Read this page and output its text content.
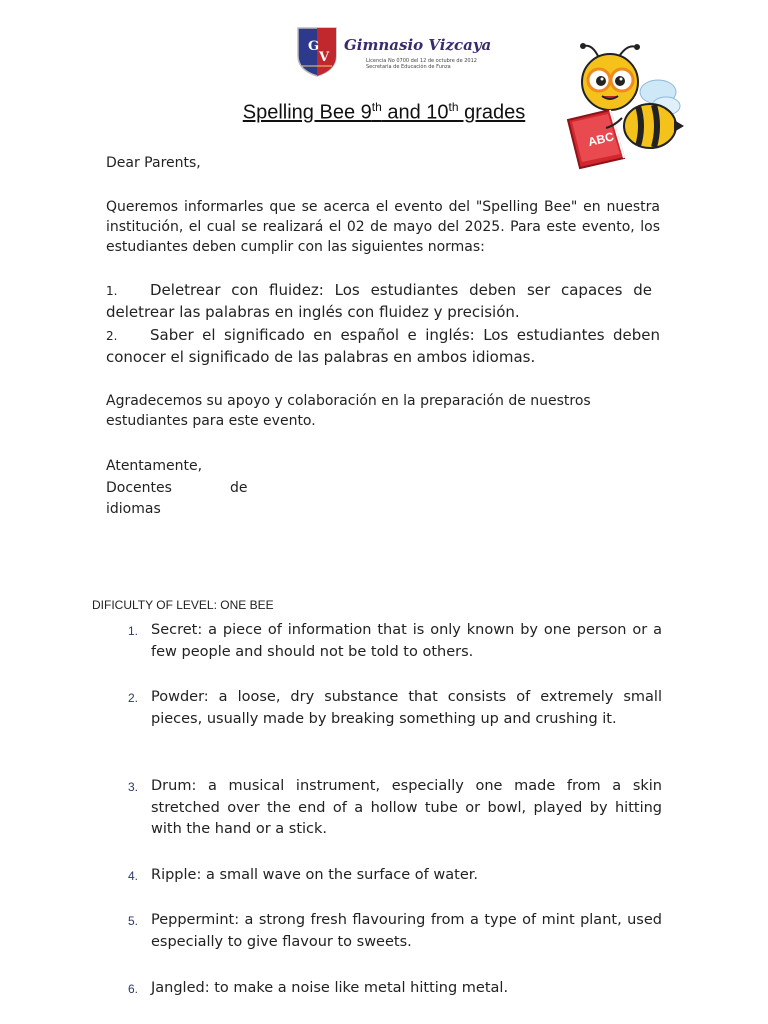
G
V
Gimnasio Vizcaya
Licencia No 0700 del 12 de octubre de 2012
Secretaria de Educación de Funza
ABC
Spelling Bee 9th and 10th grades
Dear Parents,
Queremos informarles que se acerca el evento del "Spelling Bee" en nuestra institución, el cual se realizará el 02 de mayo del 2025. Para este evento, los estudiantes deben cumplir con las siguientes normas:
1. Deletrear con fluidez: Los estudiantes deben ser capaces de deletrear las palabras en inglés con fluidez y precisión.
2. Saber el significado en español e inglés: Los estudiantes deben conocer el significado de las palabras en ambos idiomas.
Agradecemos su apoyo y colaboración en la preparación de nuestros estudiantes para este evento.
Atentamente,
Docentes	de
idiomas
DIFICULTY OF LEVEL: ONE BEE
1. Secret: a piece of information that is only known by one person or a few people and should not be told to others.
2. Powder: a loose, dry substance that consists of extremely small pieces, usually made by breaking something up and crushing it.
3. Drum: a musical instrument, especially one made from a skin stretched over the end of a hollow tube or bowl, played by hitting with the hand or a stick.
4. Ripple: a small wave on the surface of water.
5. Peppermint: a strong fresh flavouring from a type of mint plant, used especially to give flavour to sweets.
6. Jangled: to make a noise like metal hitting metal.
